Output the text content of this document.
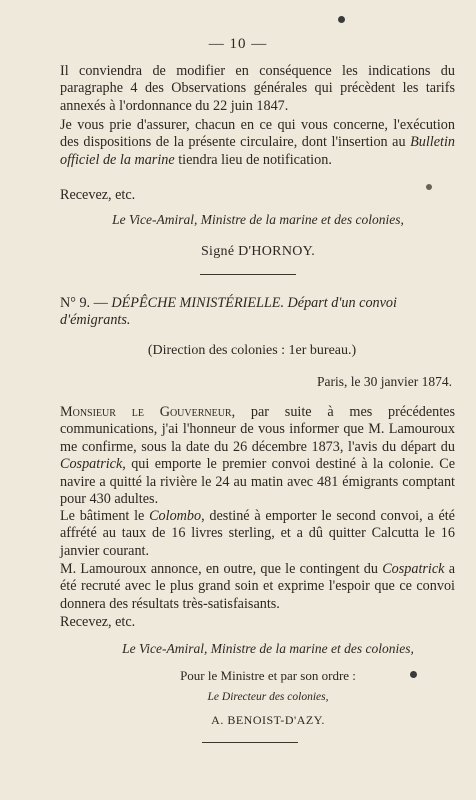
— 10 —
Il conviendra de modifier en conséquence les indications du paragraphe 4 des Observations générales qui précèdent les tarifs annexés à l'ordonnance du 22 juin 1847.
Je vous prie d'assurer, chacun en ce qui vous concerne, l'exécution des dispositions de la présente circulaire, dont l'insertion au Bulletin officiel de la marine tiendra lieu de notification.
Recevez, etc.
Le Vice-Amiral, Ministre de la marine et des colonies,
Signé D'HORNOY.
N° 9. — DÉPÊCHE MINISTÉRIELLE. Départ d'un convoi d'émigrants.
(Direction des colonies : 1er bureau.)
Paris, le 30 janvier 1874.
Monsieur le Gouverneur, par suite à mes précédentes communications, j'ai l'honneur de vous informer que M. Lamouroux me confirme, sous la date du 26 décembre 1873, l'avis du départ du Cospatrick, qui emporte le premier convoi destiné à la colonie. Ce navire a quitté la rivière le 24 au matin avec 481 émigrants comptant pour 430 adultes.
Le bâtiment le Colombo, destiné à emporter le second convoi, a été affrété au taux de 16 livres sterling, et a dû quitter Calcutta le 16 janvier courant.
M. Lamouroux annonce, en outre, que le contingent du Cospatrick a été recruté avec le plus grand soin et exprime l'espoir que ce convoi donnera des résultats très-satisfaisants.
Recevez, etc.
Le Vice-Amiral, Ministre de la marine et des colonies,
Pour le Ministre et par son ordre :
Le Directeur des colonies,
A. BENOIST-D'AZY.
